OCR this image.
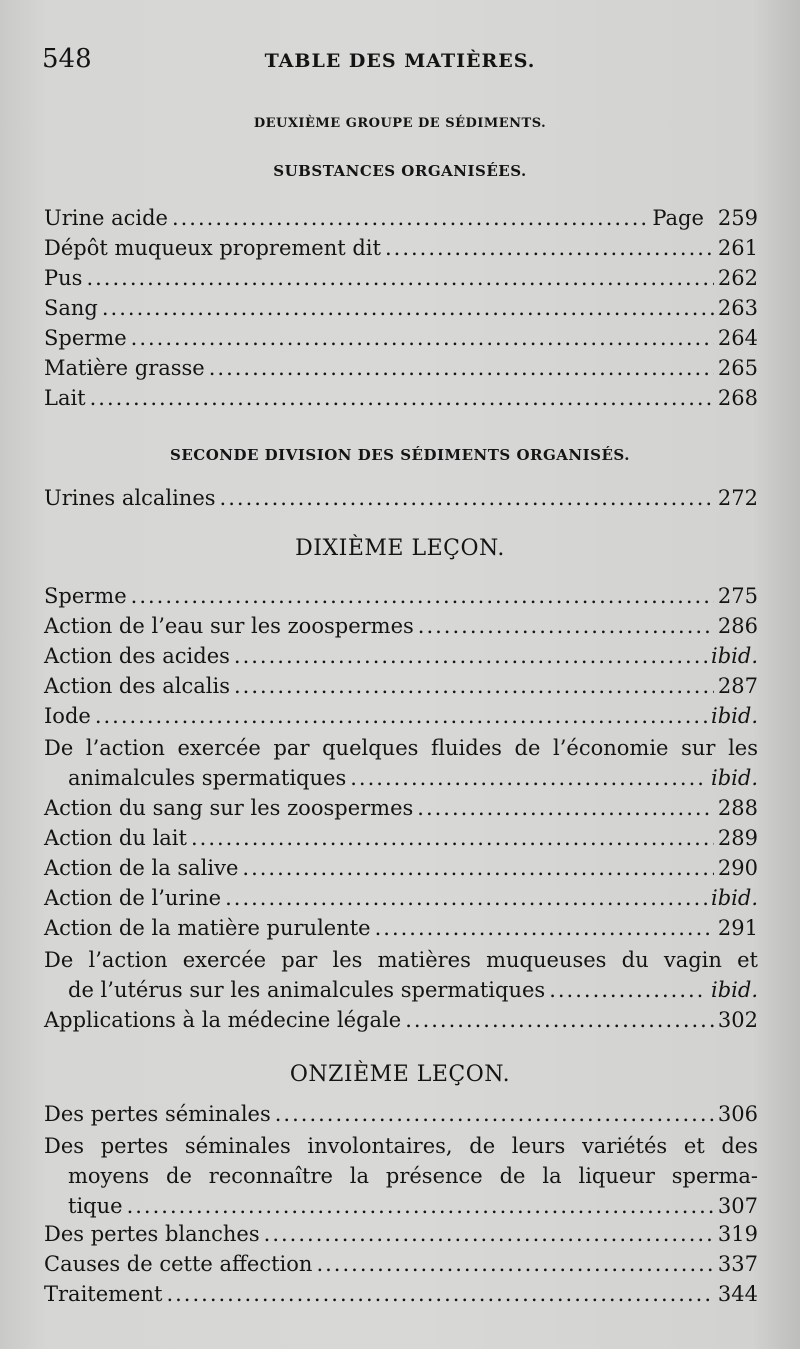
548	TABLE DES MATIÈRES.
DEUXIÈME GROUPE DE SÉDIMENTS.
SUBSTANCES ORGANISÉES.
Urine acide .....	Page 259
Dépôt muqueux proprement dit .....	261
Pus .....	262
Sang .....	263
Sperme .....	264
Matière grasse .....	265
Lait .....	268
SECONDE DIVISION DES SÉDIMENTS ORGANISÉS.
Urines alcalines .....	272
DIXIÈME LEÇON.
Sperme .....	275
Action de l’eau sur les zoospermes .....	286
Action des acides .....	ibid.
Action des alcalis .....	287
Iode .....	ibid.
De l’action exercée par quelques fluides de l’économie sur les
animalcules spermatiques .....	ibid.
Action du sang sur les zoospermes .....	288
Action du lait .....	289
Action de la salive .....	290
Action de l’urine .....	ibid.
Action de la matière purulente .....	291
De l’action exercée par les matières muqueuses du vagin et
de l’utérus sur les animalcules spermatiques .....	ibid.
Applications à la médecine légale .....	302
ONZIÈME LEÇON.
Des pertes séminales .....	306
Des pertes séminales involontaires, de leurs variétés et des
moyens de reconnaître la présence de la liqueur sperma-
tique .....	307
Des pertes blanches .....	319
Causes de cette affection .....	337
Traitement .....	344
